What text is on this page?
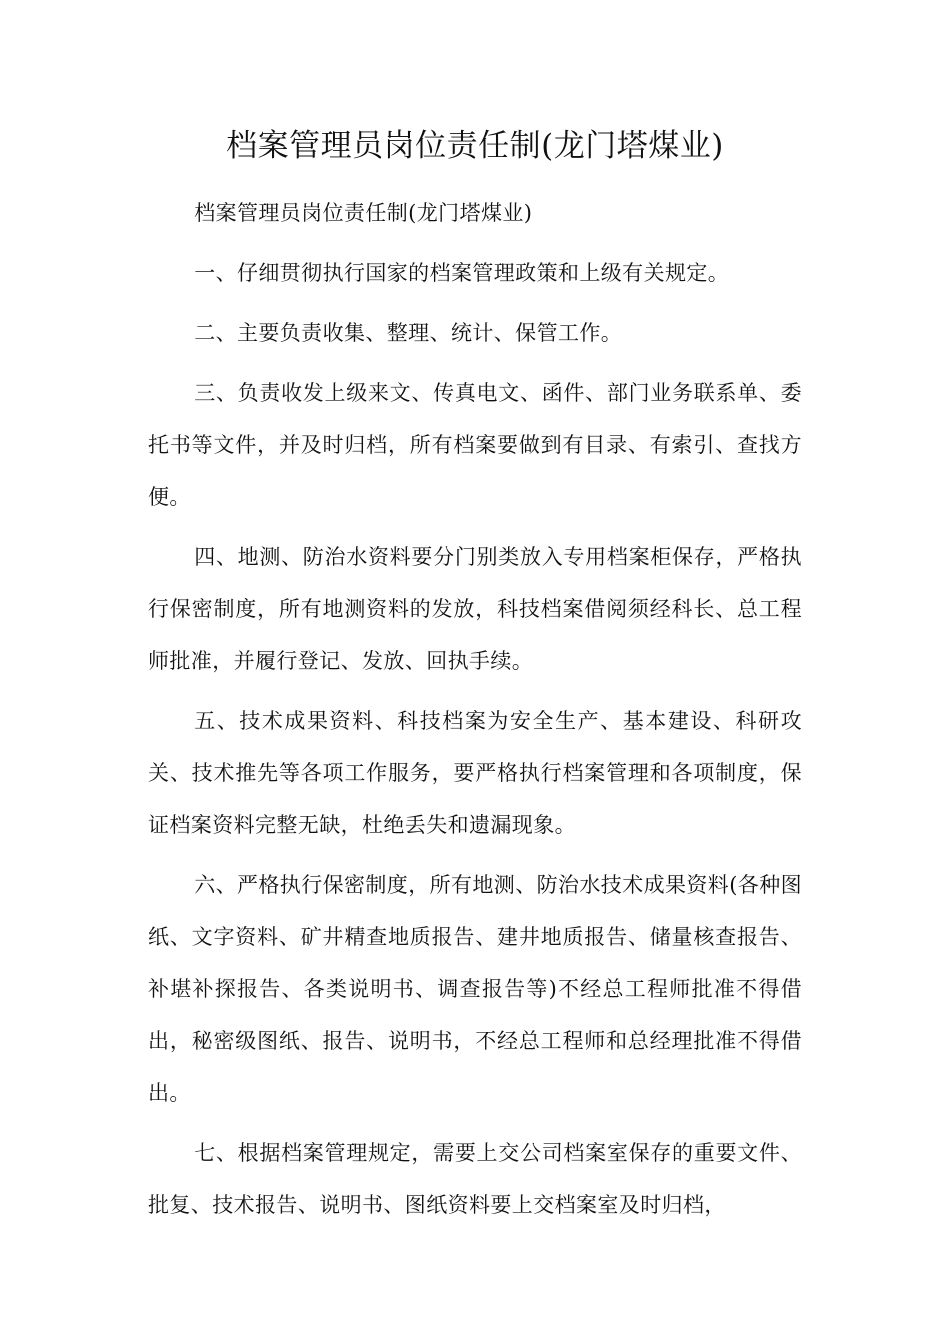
档案管理员岗位责任制(龙门塔煤业)

档案管理员岗位责任制(龙门塔煤业)

一、仔细贯彻执行国家的档案管理政策和上级有关规定。

二、主要负责收集、整理、统计、保管工作。

三、负责收发上级来文、传真电文、函件、部门业务联系单、委托书等文件，并及时归档，所有档案要做到有目录、有索引、查找方便。

四、地测、防治水资料要分门别类放入专用档案柜保存，严格执行保密制度，所有地测资料的发放，科技档案借阅须经科长、总工程师批准，并履行登记、发放、回执手续。

五、技术成果资料、科技档案为安全生产、基本建设、科研攻关、技术推先等各项工作服务，要严格执行档案管理和各项制度，保证档案资料完整无缺，杜绝丢失和遗漏现象。

六、严格执行保密制度，所有地测、防治水技术成果资料(各种图纸、文字资料、矿井精查地质报告、建井地质报告、储量核查报告、补堪补探报告、各类说明书、调查报告等)不经总工程师批准不得借出，秘密级图纸、报告、说明书，不经总工程师和总经理批准不得借出。

七、根据档案管理规定，需要上交公司档案室保存的重要文件、批复、技术报告、说明书、图纸资料要上交档案室及时归档，
